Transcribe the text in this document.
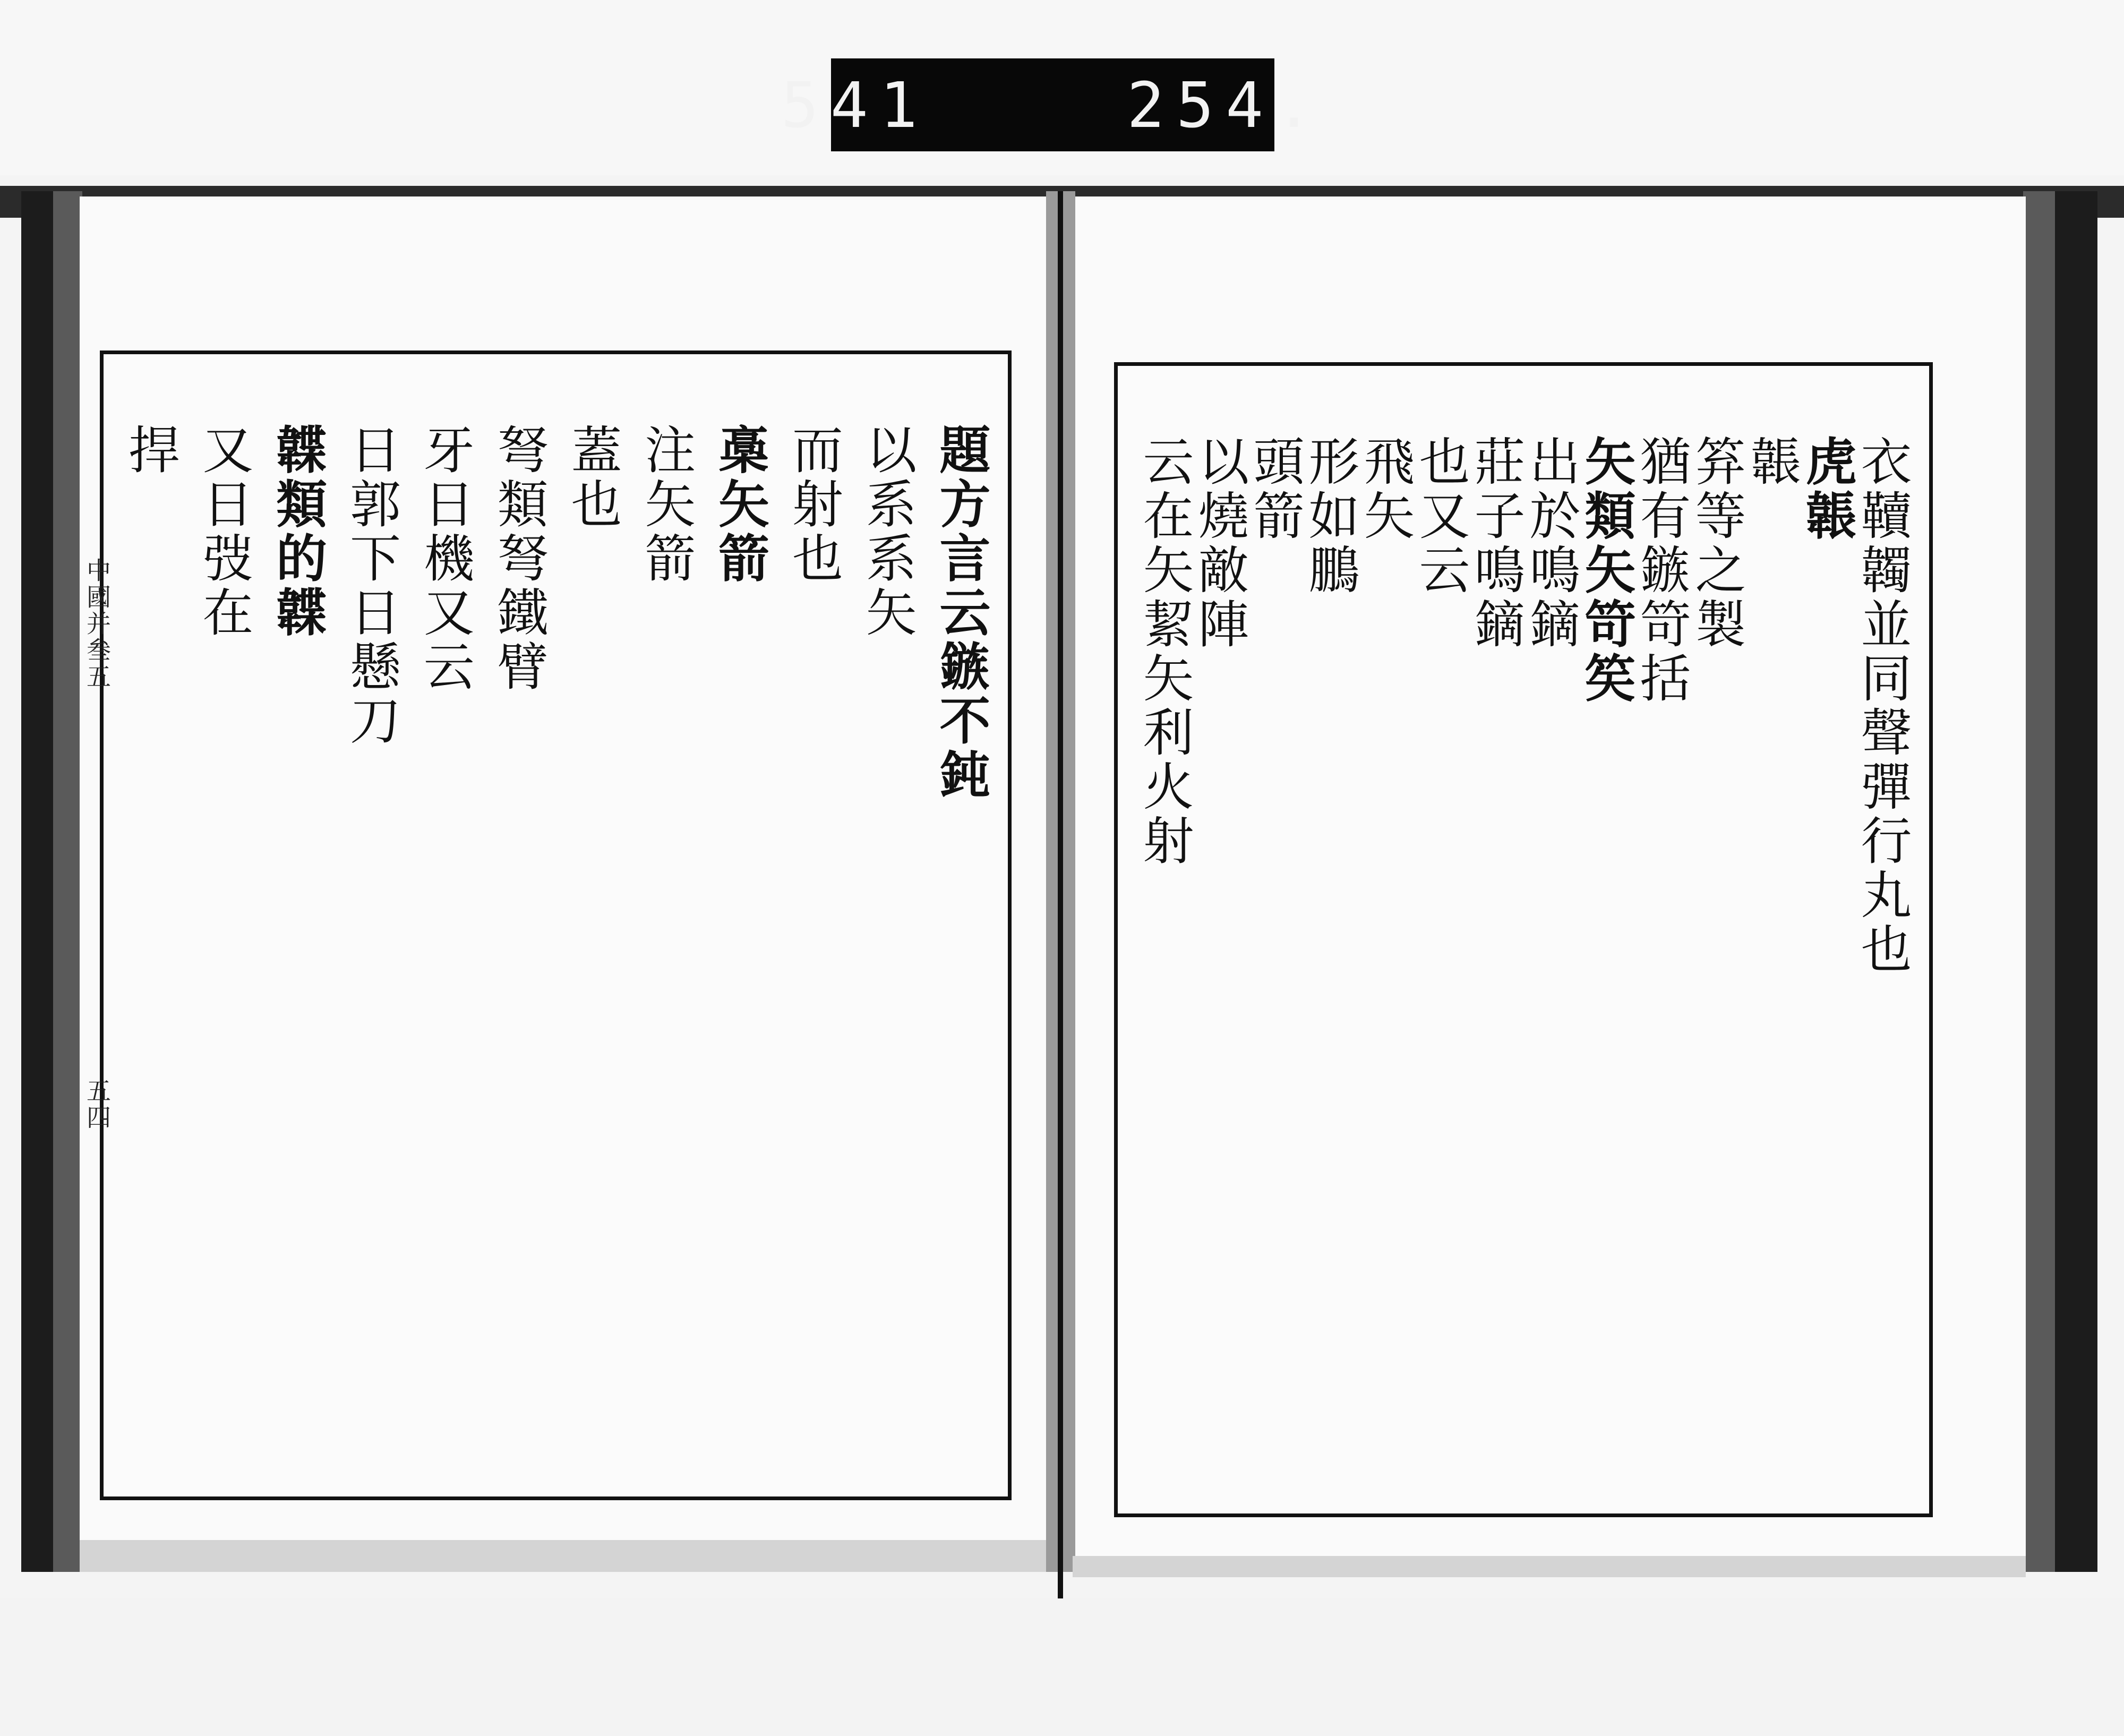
541
	254.
衣韇韣並同聲彈行丸也
虎韔
韔
笲等之製
猶有鏃笴括
矢類矢笴笶
出於鳴鏑
莊子鳴鏑
也又云
飛矢
形如鵬
頭箭
以燒敵陣
云在矢絜矢利火射
題方言云鏃不鈍
以系系矢
而射也
槀矢箭
注矢箭
蓋也
弩類弩鐵臂
牙日機又云
日郭下日懸刀
韘類的韘
又日弢在
捍
中國并叁五
五四
